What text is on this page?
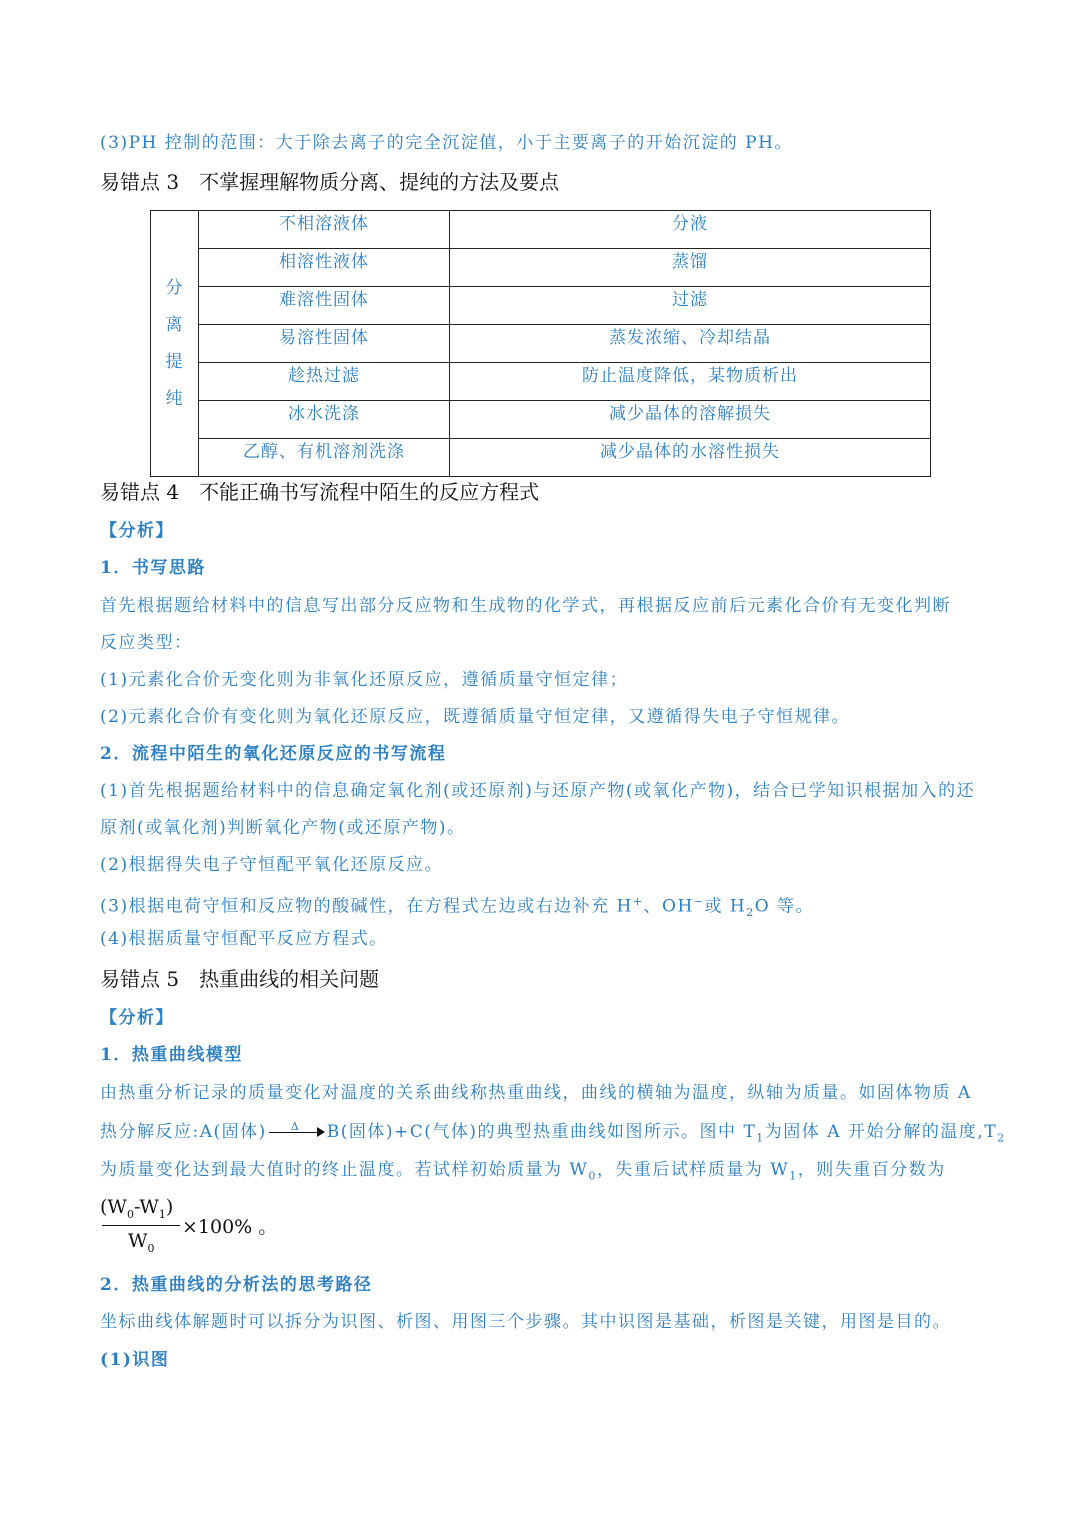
(3)PH 控制的范围：大于除去离子的完全沉淀值，小于主要离子的开始沉淀的 PH。
易错点 3 不掌握理解物质分离、提纯的方法及要点
分
离
提
纯	不相溶液体	分液
	相溶性液体	蒸馏
	难溶性固体	过滤
	易溶性固体	蒸发浓缩、冷却结晶
	趁热过滤	防止温度降低，某物质析出
	冰水洗涤	减少晶体的溶解损失
	乙醇、有机溶剂洗涤	减少晶体的水溶性损失
易错点 4 不能正确书写流程中陌生的反应方程式
【分析】
1．书写思路
首先根据题给材料中的信息写出部分反应物和生成物的化学式，再根据反应前后元素化合价有无变化判断
反应类型：
(1)元素化合价无变化则为非氧化还原反应，遵循质量守恒定律；
(2)元素化合价有变化则为氧化还原反应，既遵循质量守恒定律，又遵循得失电子守恒规律。
2．流程中陌生的氧化还原反应的书写流程
(1)首先根据题给材料中的信息确定氧化剂(或还原剂)与还原产物(或氧化产物)，结合已学知识根据加入的还
原剂(或氧化剂)判断氧化产物(或还原产物)。
(2)根据得失电子守恒配平氧化还原反应。
(3)根据电荷守恒和反应物的酸碱性，在方程式左边或右边补充 H+、OH−或 $H_2O$ 等。
(4)根据质量守恒配平反应方程式。
易错点 5 热重曲线的相关问题
【分析】
1．热重曲线模型
由热重分析记录的质量变化对温度的关系曲线称热重曲线，曲线的横轴为温度，纵轴为质量。如固体物质 A
热分解反应:A(固体) Δ B(固体)+C(气体)的典型热重曲线如图所示。图中 $T_1$为固体 A 开始分解的温度$,T_2$
为质量变化达到最大值时的终止温度。若试样初始质量为 $W_0$，失重后试样质量为 $W_1$，则失重百分数为
$(W_0-W_1)$
$W_0$
×100% 。
2．热重曲线的分析法的思考路径
坐标曲线体解题时可以拆分为识图、析图、用图三个步骤。其中识图是基础，析图是关键，用图是目的。
(1)识图
